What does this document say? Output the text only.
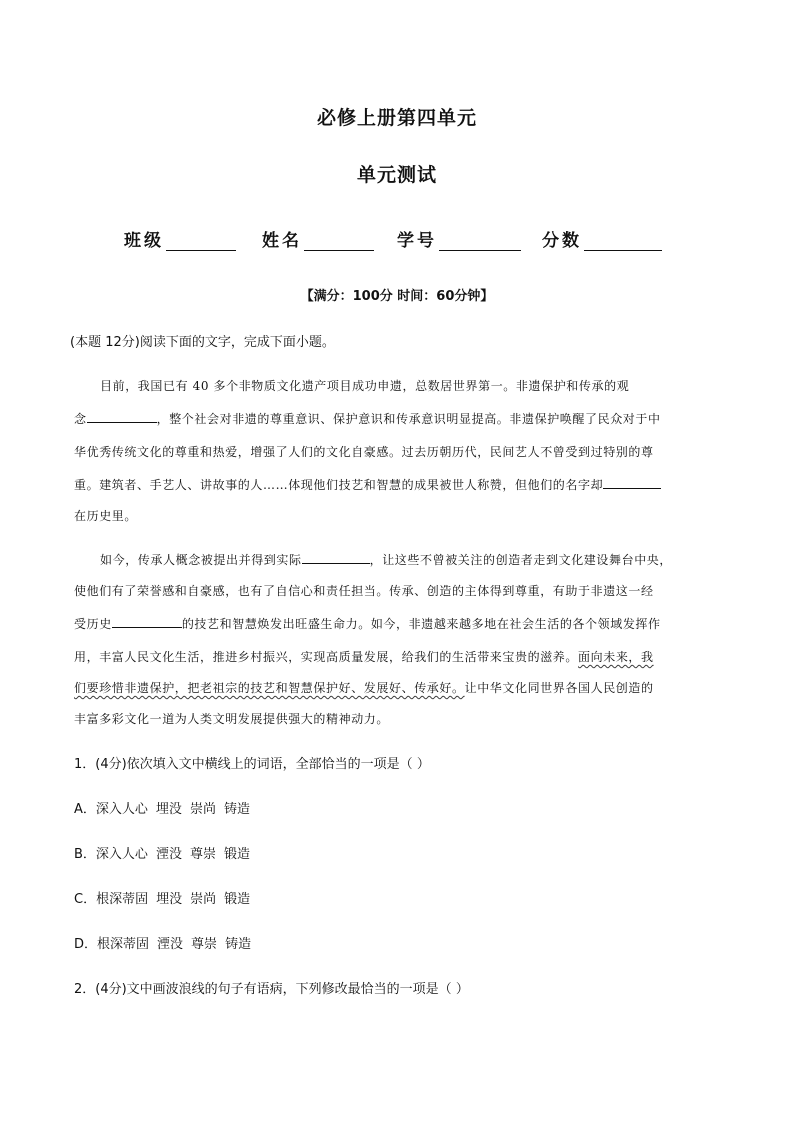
必修上册第四单元
单元测试
班级	姓名	学号	分数
【满分：100分 时间：60分钟】
(本题 12分)阅读下面的文字，完成下面小题。
目前，我国已有 40 多个非物质文化遗产项目成功申遗，总数居世界第一。非遗保护和传承的观
念	，整个社会对非遗的尊重意识、保护意识和传承意识明显提高。非遗保护唤醒了民众对于中
华优秀传统文化的尊重和热爱，增强了人们的文化自豪感。过去历朝历代，民间艺人不曾受到过特别的尊
重。建筑者、手艺人、讲故事的人……体现他们技艺和智慧的成果被世人称赞，但他们的名字却
在历史里。
如今，传承人概念被提出并得到实际	，让这些不曾被关注的创造者走到文化建设舞台中央，
使他们有了荣誉感和自豪感，也有了自信心和责任担当。传承、创造的主体得到尊重，有助于非遗这一经
受历史	的技艺和智慧焕发出旺盛生命力。如今，非遗越来越多地在社会生活的各个领域发挥作
用，丰富人民文化生活，推进乡村振兴，实现高质量发展，给我们的生活带来宝贵的滋养。面向未来，我
们要珍惜非遗保护，把老祖宗的技艺和智慧保护好、发展好、传承好。让中华文化同世界各国人民创造的
丰富多彩文化一道为人类文明发展提供强大的精神动力。
1．(4分)依次填入文中横线上的词语，全部恰当的一项是（ ）
A．深入人心 埋没 崇尚 铸造
B．深入人心 湮没 尊崇 锻造
C．根深蒂固 埋没 崇尚 锻造
D．根深蒂固 湮没 尊崇 铸造
2．(4分)文中画波浪线的句子有语病，下列修改最恰当的一项是（ ）
